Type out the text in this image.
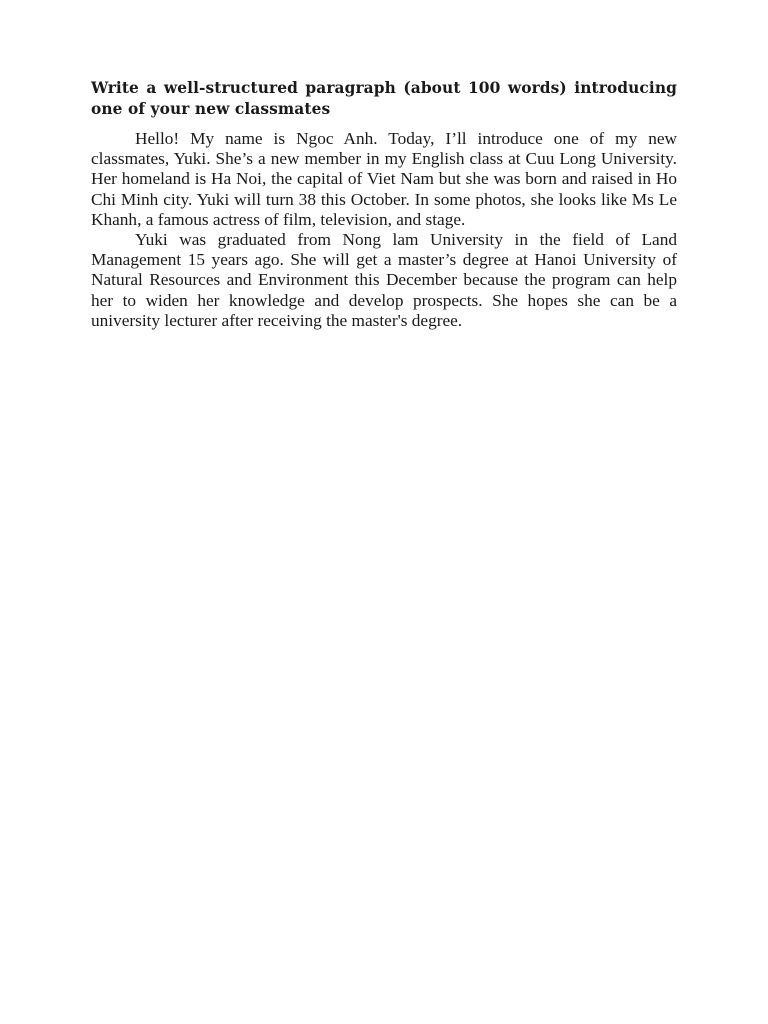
Write a well-structured paragraph (about 100 words) introducing one of your new classmates

Hello! My name is Ngoc Anh. Today, I’ll introduce one of my new classmates, Yuki. She’s a new member in my English class at Cuu Long University. Her homeland is Ha Noi, the capital of Viet Nam but she was born and raised in Ho Chi Minh city. Yuki will turn 38 this October. In some photos, she looks like Ms Le Khanh, a famous actress of film, television, and stage.

Yuki was graduated from Nong lam University in the field of Land Management 15 years ago. She will get a master’s degree at Hanoi University of Natural Resources and Environment this December because the program can help her to widen her knowledge and develop prospects. She hopes she can be a university lecturer after receiving the master's degree.
